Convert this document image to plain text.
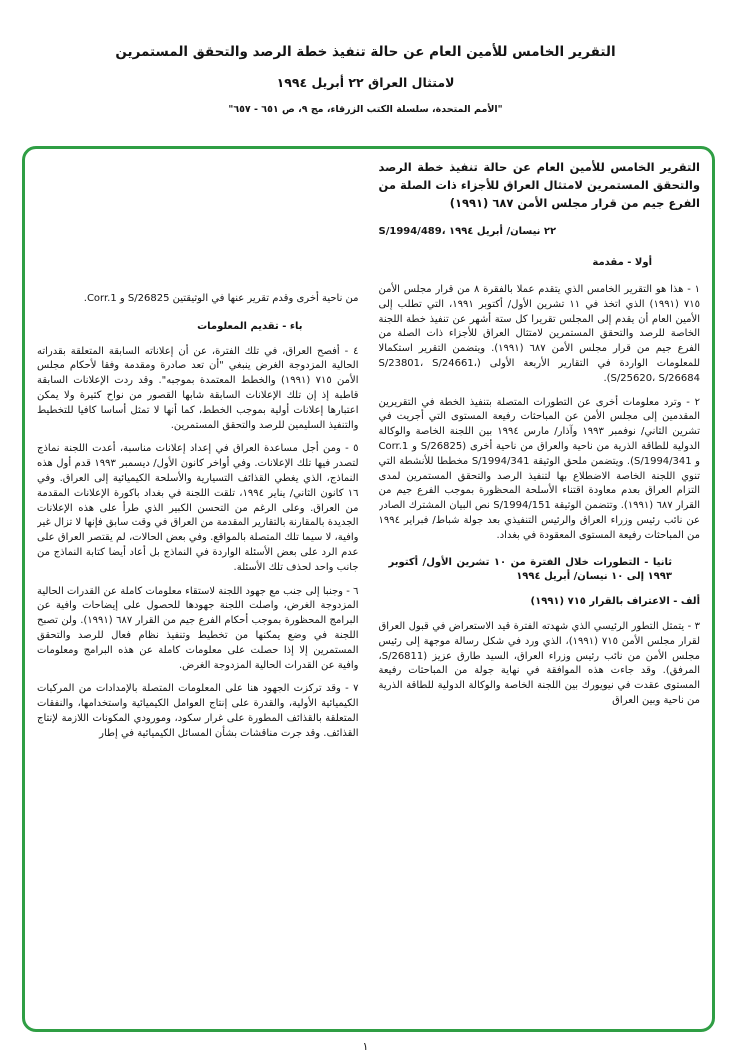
التقرير الخامس للأمين العام عن حالة تنفيذ خطة الرصد والتحقق المستمرين
لامتثال العراق ٢٢ أبريل ١٩٩٤
"الأمم المتحدة، سلسلة الكتب الزرقاء، مج ٩، ص ٦٥١ - ٦٥٧"

التقرير الخامس للأمين العام عن حالة تنفيذ خطة الرصد والتحقق المستمرين لامتثال العراق للأجزاء ذات الصلة من الفرع جيم من قرار مجلس الأمن ٦٨٧ (١٩٩١)

S/1994/489، ٢٢ نيسان/ أبريل ١٩٩٤

أولا - مقدمة

١ - هذا هو التقرير الخامس الذي يتقدم عملا بالفقرة ٨ من قرار مجلس الأمن ٧١٥ (١٩٩١) الذي اتخذ في ١١ تشرين الأول/ أكتوبر ١٩٩١، التي تطلب إلى الأمين العام أن يقدم إلى المجلس تقريرا كل ستة أشهر عن تنفيذ خطة اللجنة الخاصة للرصد والتحقق المستمرين لامتثال العراق للأجزاء ذات الصلة من الفرع جيم من قرار مجلس الأمن ٦٨٧ (١٩٩١). ويتضمن التقرير استكمالا للمعلومات الواردة في التقارير الأربعة الأولى (S/23801، S/24661، S/25620، S/26684).

٢ - وترد معلومات أخرى عن التطورات المتصلة بتنفيذ الخطة في التقريرين المقدمين إلى مجلس الأمن عن المباحثات رفيعة المستوى التي أجريت في تشرين الثاني/ نوفمبر ١٩٩٣ وآذار/ مارس ١٩٩٤ بين اللجنة الخاصة والوكالة الدولية للطاقة الذرية من ناحية والعراق من ناحية أخرى (S/26825 و Corr.1 و S/1994/341). ويتضمن ملحق الوثيقة S/1994/341 مخططا للأنشطة التي تنوي اللجنة الخاصة الاضطلاع بها لتنفيذ الرصد والتحقق المستمرين لمدى التزام العراق بعدم معاودة اقتناء الأسلحة المحظورة بموجب الفرع جيم من القرار ٦٨٧ (١٩٩١). وتتضمن الوثيقة S/1994/151 نص البيان المشترك الصادر عن نائب رئيس وزراء العراق والرئيس التنفيذي بعد جولة شباط/ فبراير ١٩٩٤ من المباحثات رفيعة المستوى المعقودة في بغداد.

ثانيا - التطورات خلال الفترة من ١٠ تشرين الأول/ أكتوبر ١٩٩٣ إلى ١٠ نيسان/ أبريل ١٩٩٤

ألف - الاعتراف بالقرار ٧١٥ (١٩٩١)

٣ - يتمثل التطور الرئيسي الذي شهدته الفترة قيد الاستعراض في قبول العراق لقرار مجلس الأمن ٧١٥ (١٩٩١)، الذي ورد في شكل رسالة موجهة إلى رئيس مجلس الأمن من نائب رئيس وزراء العراق، السيد طارق عزيز (S/26811، المرفق). وقد جاءت هذه الموافقة في نهاية جولة من المباحثات رفيعة المستوى عقدت في نيويورك بين اللجنة الخاصة والوكالة الدولية للطاقة الذرية من ناحية وبين العراق

من ناحية أخرى وقدم تقرير عنها في الوثيقتين S/26825 و Corr.1.

باء - تقديم المعلومات

٤ - أفصح العراق، في تلك الفترة، عن أن إعلاناته السابقة المتعلقة بقدراته الحالية المزدوجة الغرض ينبغي "أن تعد صادرة ومقدمة وفقا لأحكام مجلس الأمن ٧١٥ (١٩٩١) والخطط المعتمدة بموجبه". وقد ردت الإعلانات السابقة قاطبة إذ إن تلك الإعلانات السابقة شابها القصور من نواح كثيرة ولا يمكن اعتبارها إعلانات أولية بموجب الخطط، كما أنها لا تمثل أساسا كافيا للتخطيط والتنفيذ السليمين للرصد والتحقق المستمرين.

٥ - ومن أجل مساعدة العراق في إعداد إعلانات مناسبة، أعدت اللجنة نماذج لتصدر فيها تلك الإعلانات. وفي أواخر كانون الأول/ ديسمبر ١٩٩٣ قدم أول هذه النماذج، الذي يغطي القذائف التسيارية والأسلحة الكيميائية إلى العراق. وفي ١٦ كانون الثاني/ يناير ١٩٩٤، تلقت اللجنة في بغداد باكورة الإعلانات المقدمة من العراق. وعلى الرغم من التحسن الكبير الذي طرأ على هذه الإعلانات الجديدة بالمقارنة بالتقارير المقدمة من العراق في وقت سابق فإنها لا تزال غير وافية، لا سيما تلك المتصلة بالمواقع. وفي بعض الحالات، لم يقتصر العراق على عدم الرد على بعض الأسئلة الواردة في النماذج بل أعاد أيضا كتابة النماذج من جانب واحد لحذف تلك الأسئلة.

٦ - وجنبا إلى جنب مع جهود اللجنة لاستقاء معلومات كاملة عن القدرات الحالية المزدوجة الغرض، واصلت اللجنة جهودها للحصول على إيضاحات وافية عن البرامج المحظورة بموجب أحكام الفرع جيم من القرار ٦٨٧ (١٩٩١). ولن تصبح اللجنة في وضع يمكنها من تخطيط وتنفيذ نظام فعال للرصد والتحقق المستمرين إلا إذا حصلت على معلومات كاملة عن هذه البرامج ومعلومات وافية عن القدرات الحالية المزدوجة الغرض.

٧ - وقد تركزت الجهود هنا على المعلومات المتصلة بالإمدادات من المركبات الكيميائية الأولية، والقدرة على إنتاج العوامل الكيميائية واستخدامها، والنفقات المتعلقة بالقذائف المطورة على غرار سكود، ومورودي المكونات اللازمة لإنتاج القذائف. وقد جرت مناقشات بشأن المسائل الكيميائية في إطار

١
